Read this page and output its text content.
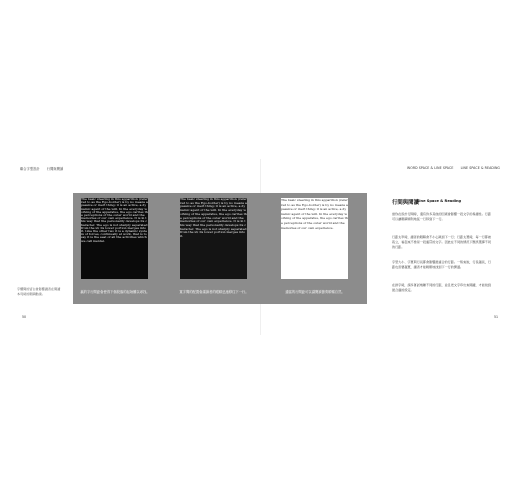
聯合字型設計 行間與閱讀
50

The basic steering in this apparition (referred to as the Ego-border) is by no means a passive or inert thing; it is an active, a dynamic agent of the will. In the everyday working of the apparatus, the ego carries the perceptions of the outer world and the memories of our own experience. It is in this way that the personality develops its character. The ego is not sharply separated from the id; its lower portion merges into it. Like the other two it is a dynamic system of forces, continually at work, that is to say it is the seat of all the activities which we call mental.

The basic steering in this apparition (referred to as the Ego-border) is by no means a passive or inert thing; it is an active, a dynamic agent of the will. In the everyday working of the apparatus, the ego carries the perceptions of the outer world and the memories of our own experience. It is in this way that the personality develops its character. The ego is not sharply separated from the id; its lower portion merges into it.

The basic steering in this apparition (referred to as the Ego-border) is by no means a passive or inert thing; it is an active, a dynamic agent of the will. In the everyday working of the apparatus, the ego carries the perceptions of the outer world and the memories of our own experience.

蠃的字行間距會使得下個段落的起始難以尋找。	寬字間的配置會讓讀者的眼睛迅速移往下一行。	適當的行間距可以讓閱讀節奏順暢自然。
字體間的留白會影響讀者在閱讀本頁時的眼睛動線。
WORD SPACE & LINE SPACE LINE SPACE & READING
51
行間與閱讀
Line Space & Reading

當你在設計行間時，還有許多其他的因素會影響一段文字的易讀性。行距可以讓眼睛順利地從一行移到下一行。

行距太窄時，讀者的眼睛會不小心跳到下一行；行距太寬時，每一行都被孤立，看起來不像是一段連貫的文字。因此在不同的情況下應該選擇不同的行距。

字型大小、字寬與行長都會影響最適合的行距。一般來說，行長越長，行距也需要越寬，讀者才能輕鬆地找到下一行的開頭。

在排字時，請多嘗試幾種不同的行距，並且把文字印出來閱讀，才能找到最合適的設定。
